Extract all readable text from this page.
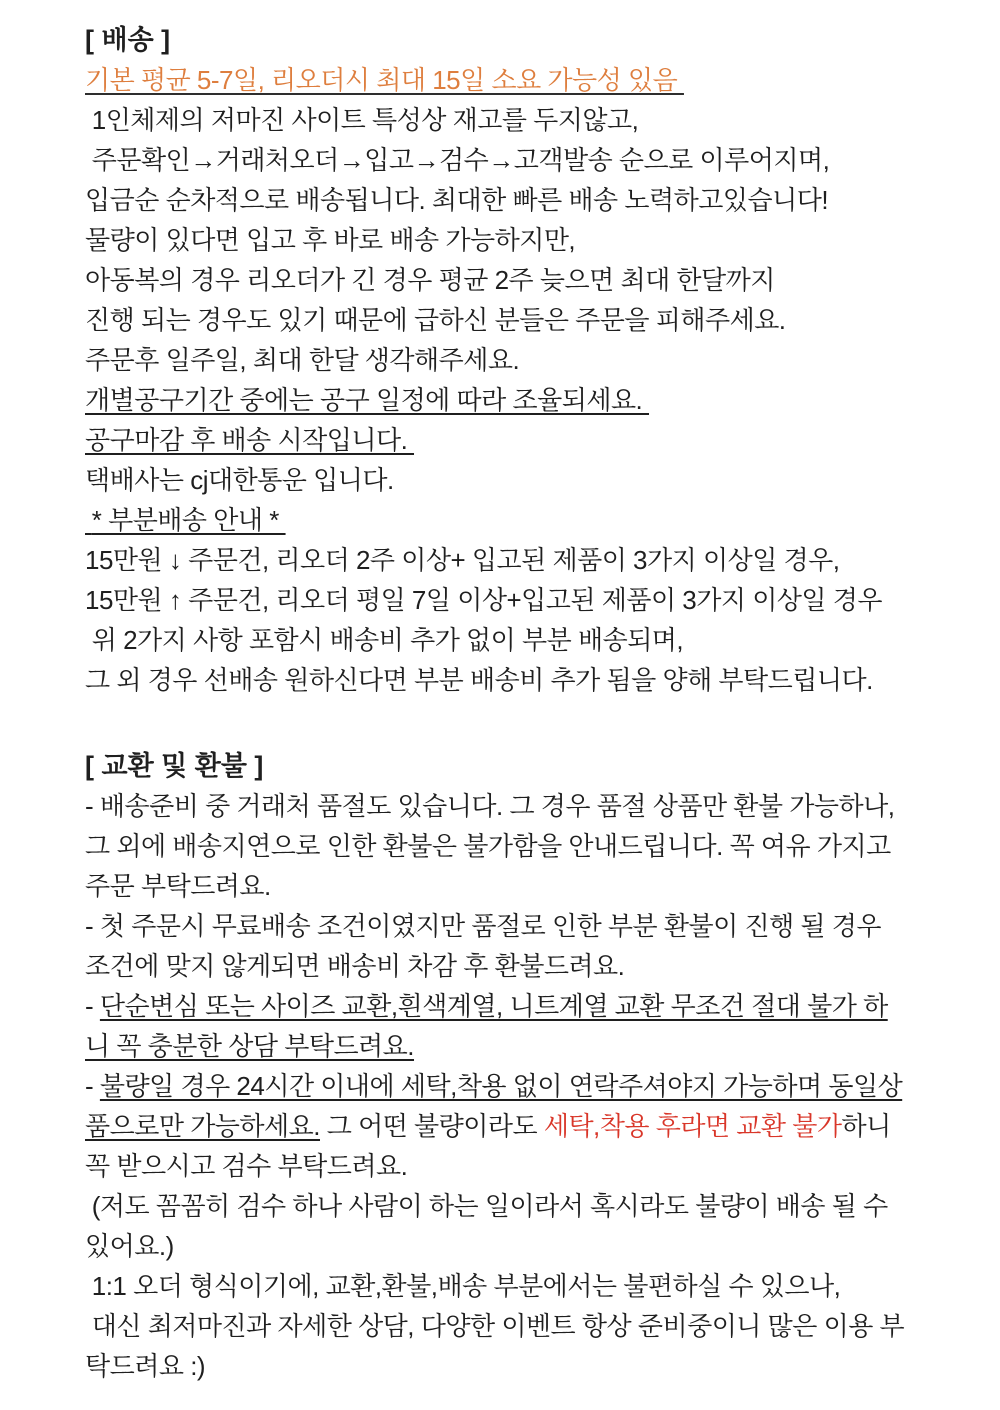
[ 배송 ]
기본 평균 5-7일, 리오더시 최대 15일 소요 가능성 있음
1인체제의 저마진 사이트 특성상 재고를 두지않고,
주문확인→거래처오더→입고→검수→고객발송 순으로 이루어지며,
입금순 순차적으로 배송됩니다. 최대한 빠른 배송 노력하고있습니다!
물량이 있다면 입고 후 바로 배송 가능하지만,
아동복의 경우 리오더가 긴 경우 평균 2주 늦으면 최대 한달까지
진행 되는 경우도 있기 때문에 급하신 분들은 주문을 피해주세요.
주문후 일주일, 최대 한달 생각해주세요.
개별공구기간 중에는 공구 일정에 따라 조율되세요.
공구마감 후 배송 시작입니다.
택배사는 cj대한통운 입니다.
* 부분배송 안내 *
15만원 ↓ 주문건, 리오더 2주 이상+ 입고된 제품이 3가지 이상일 경우,
15만원 ↑ 주문건, 리오더 평일 7일 이상+입고된 제품이 3가지 이상일 경우
위 2가지 사항 포함시 배송비 추가 없이 부분 배송되며,
그 외 경우 선배송 원하신다면 부분 배송비 추가 됨을 양해 부탁드립니다.
[ 교환 및 환불 ]
- 배송준비 중 거래처 품절도 있습니다. 그 경우 품절 상품만 환불 가능하나,
그 외에 배송지연으로 인한 환불은 불가함을 안내드립니다. 꼭 여유 가지고
주문 부탁드려요.
- 첫 주문시 무료배송 조건이였지만 품절로 인한 부분 환불이 진행 될 경우
조건에 맞지 않게되면 배송비 차감 후 환불드려요.
- 단순변심 또는 사이즈 교환,흰색계열, 니트계열 교환 무조건 절대 불가 하
니 꼭 충분한 상담 부탁드려요.
- 불량일 경우 24시간 이내에 세탁,착용 없이 연락주셔야지 가능하며 동일상
품으로만 가능하세요. 그 어떤 불량이라도 세탁,착용 후라면 교환 불가하니
꼭 받으시고 검수 부탁드려요.
(저도 꼼꼼히 검수 하나 사람이 하는 일이라서 혹시라도 불량이 배송 될 수
있어요.)
1:1 오더 형식이기에, 교환,환불,배송 부분에서는 불편하실 수 있으나,
대신 최저마진과 자세한 상담, 다양한 이벤트 항상 준비중이니 많은 이용 부
탁드려요 :)
